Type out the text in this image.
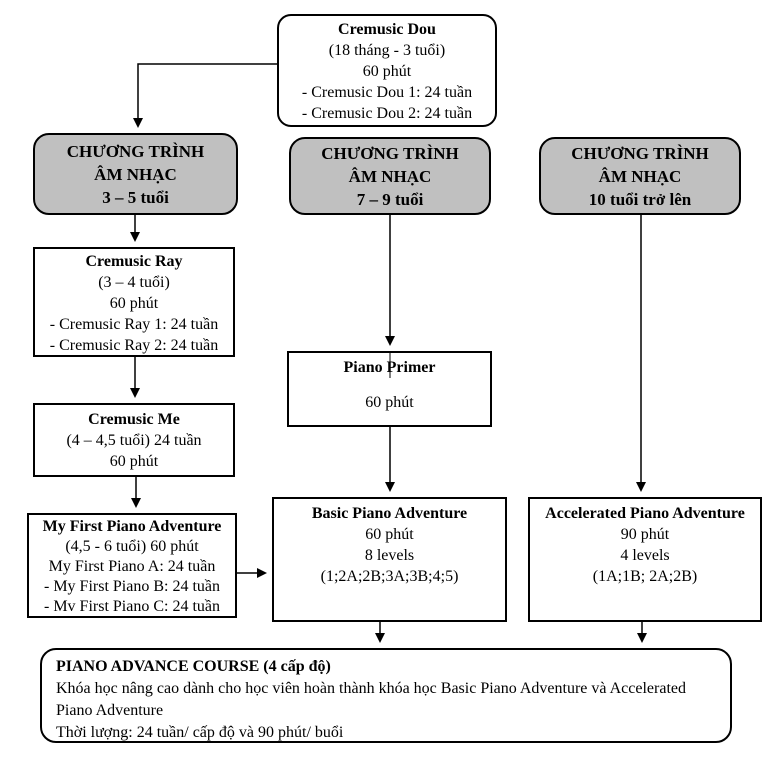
Cremusic Dou
(18 tháng - 3 tuổi)
60 phút
- Cremusic Dou 1: 24 tuần
- Cremusic Dou 2: 24 tuần
CHƯƠNG TRÌNH
ÂM NHẠC
3 – 5 tuổi
CHƯƠNG TRÌNH
ÂM NHẠC
7 – 9 tuổi
CHƯƠNG TRÌNH
ÂM NHẠC
10 tuổi trở lên
Cremusic Ray
(3 – 4 tuổi)
60 phút
- Cremusic Ray 1: 24 tuần
- Cremusic Ray 2: 24 tuần
Cremusic Me
(4 – 4,5 tuổi) 24 tuần
60 phút
My First Piano Adventure
(4,5 - 6 tuổi) 60 phút
My First Piano A: 24 tuần
- My First Piano B: 24 tuần
- Mv First Piano C: 24 tuần
Piano Primer
60 phút
Basic Piano Adventure
60 phút
8 levels
(1;2A;2B;3A;3B;4;5)
Accelerated Piano Adventure
90 phút
4 levels
(1A;1B; 2A;2B)
PIANO ADVANCE COURSE (4 cấp độ)
Khóa học nâng cao dành cho học viên hoàn thành khóa học Basic Piano Adventure và Accelerated Piano Adventure
Thời lượng: 24 tuần/ cấp độ và 90 phút/ buổi
